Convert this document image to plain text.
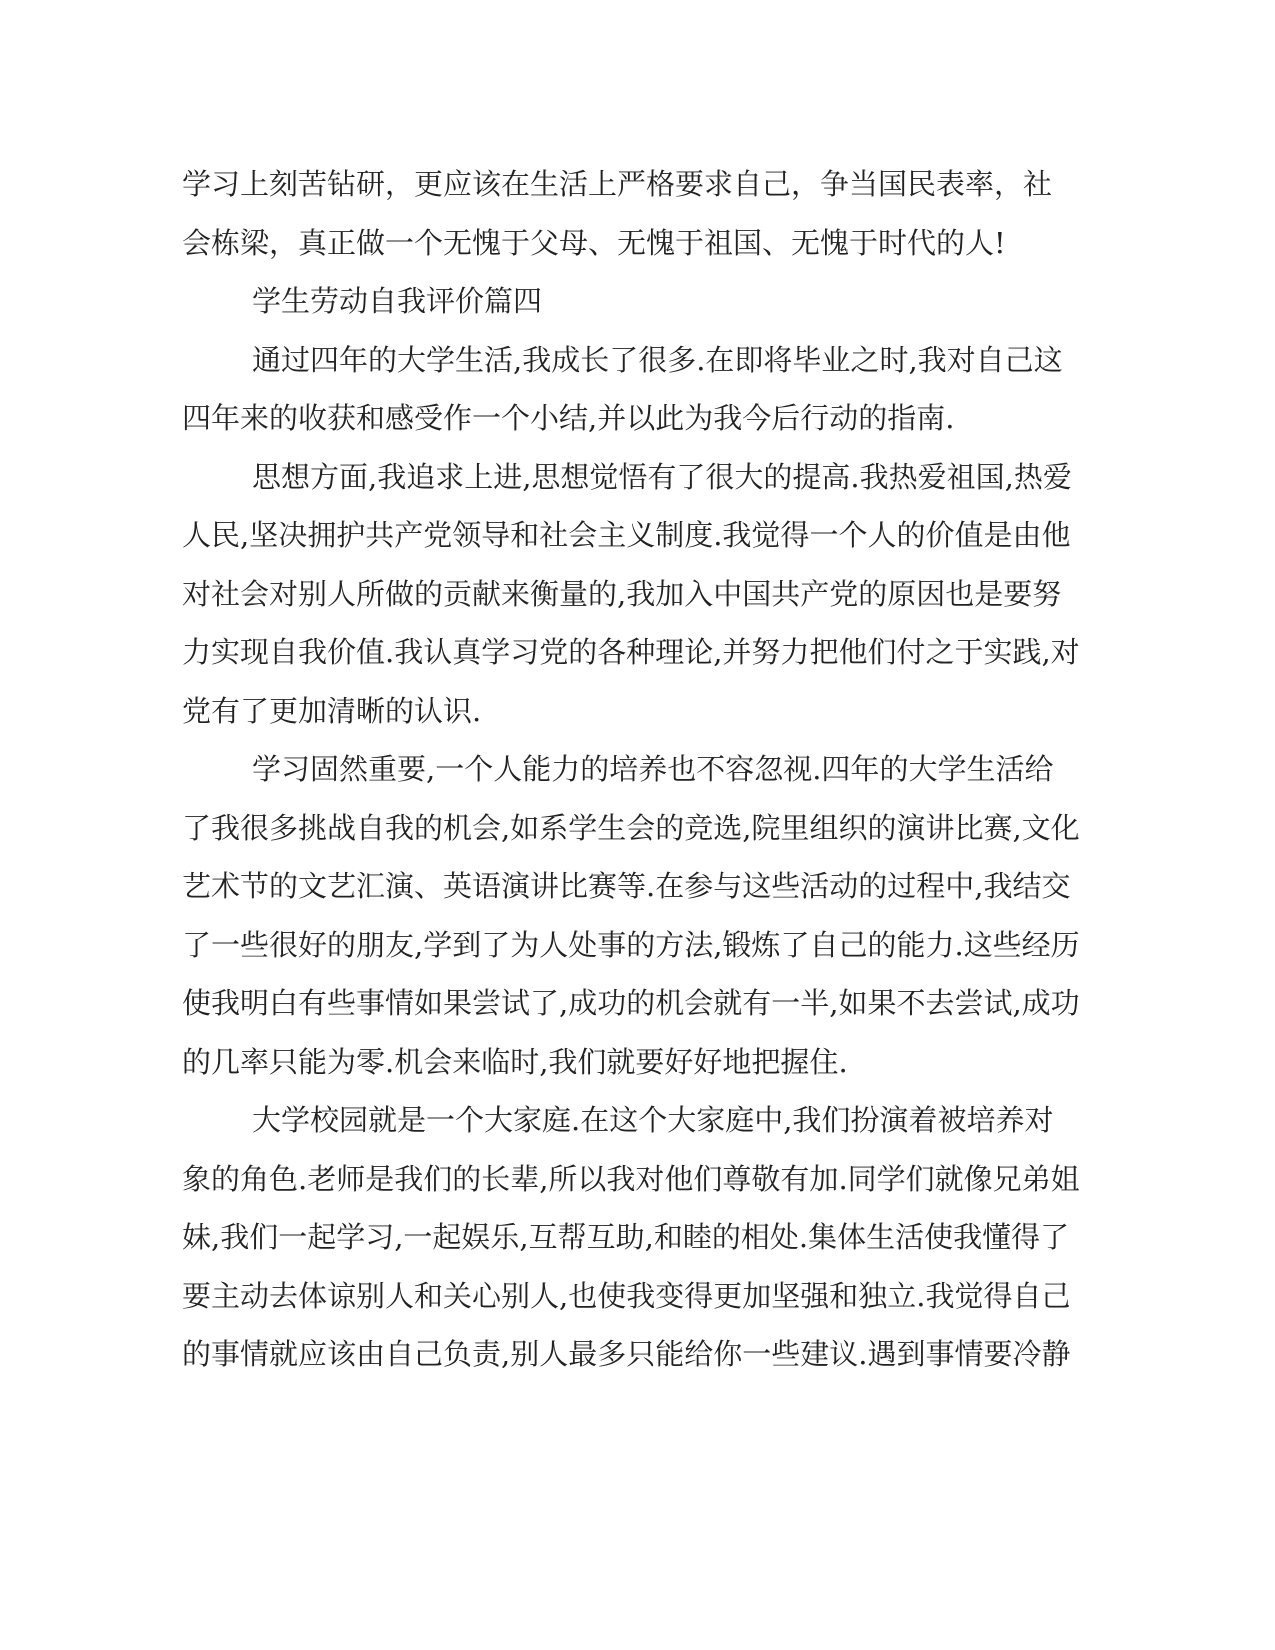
学习上刻苦钻研，更应该在生活上严格要求自己，争当国民表率，社
会栋梁，真正做一个无愧于父母、无愧于祖国、无愧于时代的人!
学生劳动自我评价篇四
通过四年的大学生活,我成长了很多.在即将毕业之时,我对自己这
四年来的收获和感受作一个小结,并以此为我今后行动的指南.
思想方面,我追求上进,思想觉悟有了很大的提高.我热爱祖国,热爱
人民,坚决拥护共产党领导和社会主义制度.我觉得一个人的价值是由他
对社会对别人所做的贡献来衡量的,我加入中国共产党的原因也是要努
力实现自我价值.我认真学习党的各种理论,并努力把他们付之于实践,对
党有了更加清晰的认识.
学习固然重要,一个人能力的培养也不容忽视.四年的大学生活给
了我很多挑战自我的机会,如系学生会的竞选,院里组织的演讲比赛,文化
艺术节的文艺汇演、英语演讲比赛等.在参与这些活动的过程中,我结交
了一些很好的朋友,学到了为人处事的方法,锻炼了自己的能力.这些经历
使我明白有些事情如果尝试了,成功的机会就有一半,如果不去尝试,成功
的几率只能为零.机会来临时,我们就要好好地把握住.
大学校园就是一个大家庭.在这个大家庭中,我们扮演着被培养对
象的角色.老师是我们的长辈,所以我对他们尊敬有加.同学们就像兄弟姐
妹,我们一起学习,一起娱乐,互帮互助,和睦的相处.集体生活使我懂得了
要主动去体谅别人和关心别人,也使我变得更加坚强和独立.我觉得自己
的事情就应该由自己负责,别人最多只能给你一些建议.遇到事情要冷静
